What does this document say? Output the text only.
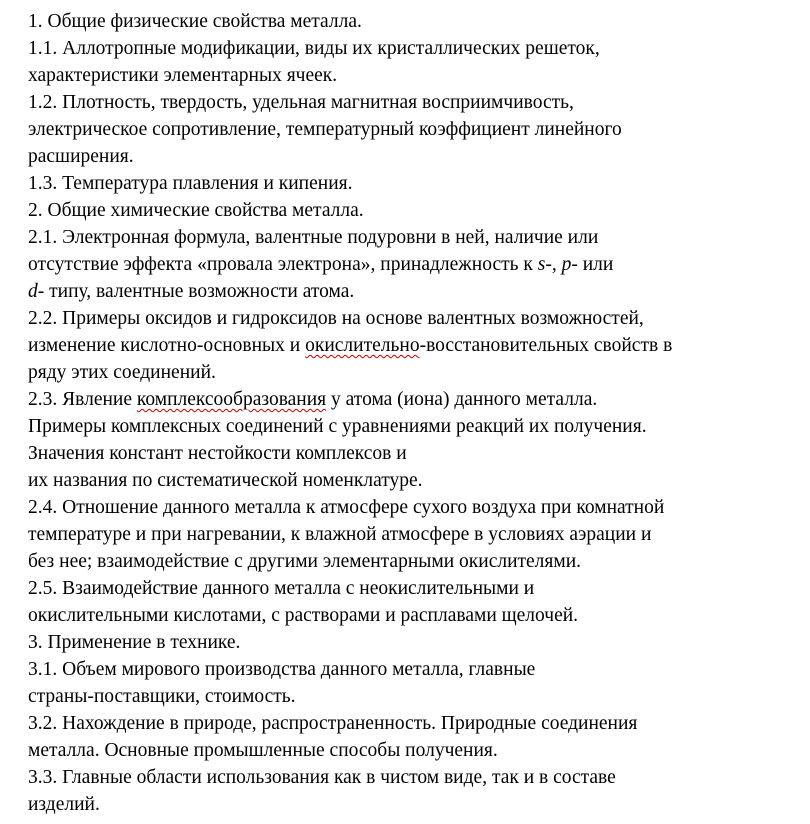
1. Общие физические свойства металла.
1.1. Аллотропные модификации, виды их кристаллических решеток,
характеристики элементарных ячеек.
1.2. Плотность, твердость, удельная магнитная восприимчивость,
электрическое сопротивление, температурный коэффициент линейного
расширения.
1.3. Температура плавления и кипения.
2. Общие химические свойства металла.
2.1. Электронная формула, валентные подуровни в ней, наличие или
отсутствие эффекта «провала электрона», принадлежность к s-, p- или
d- типу, валентные возможности атома.
2.2. Примеры оксидов и гидроксидов на основе валентных возможностей,
изменение кислотно-основных и окислительно-восстановительных свойств в
ряду этих соединений.
2.3. Явление комплексообразования у атома (иона) данного металла.
Примеры комплексных соединений с уравнениями реакций их получения.
Значения констант нестойкости комплексов и
их названия по систематической номенклатуре.
2.4. Отношение данного металла к атмосфере сухого воздуха при комнатной
температуре и при нагревании, к влажной атмосфере в условиях аэрации и
без нее; взаимодействие с другими элементарными окислителями.
2.5. Взаимодействие данного металла с неокислительными и
окислительными кислотами, с растворами и расплавами щелочей.
3. Применение в технике.
3.1. Объем мирового производства данного металла, главные
страны-поставщики, стоимость.
3.2. Нахождение в природе, распространенность. Природные соединения
металла. Основные промышленные способы получения.
3.3. Главные области использования как в чистом виде, так и в составе
изделий.
